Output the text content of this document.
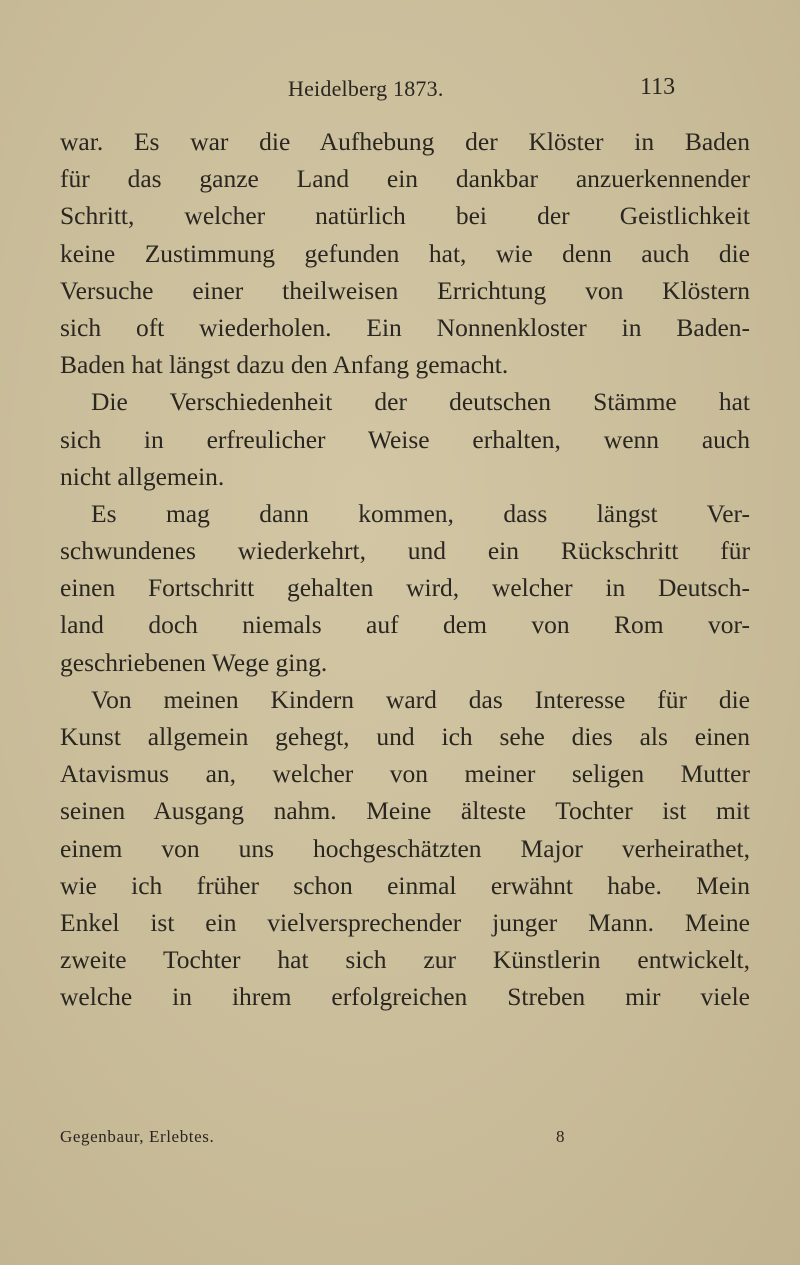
Heidelberg 1873.	113
war. Es war die Aufhebung der Klöster in Baden
für das ganze Land ein dankbar anzuerkennender
Schritt, welcher natürlich bei der Geistlichkeit
keine Zustimmung gefunden hat, wie denn auch die
Versuche einer theilweisen Errichtung von Klöstern
sich oft wiederholen. Ein Nonnenkloster in Baden-
Baden hat längst dazu den Anfang gemacht.
Die Verschiedenheit der deutschen Stämme hat
sich in erfreulicher Weise erhalten, wenn auch
nicht allgemein.
Es mag dann kommen, dass längst Ver-
schwundenes wiederkehrt, und ein Rückschritt für
einen Fortschritt gehalten wird, welcher in Deutsch-
land doch niemals auf dem von Rom vor-
geschriebenen Wege ging.
Von meinen Kindern ward das Interesse für die
Kunst allgemein gehegt, und ich sehe dies als einen
Atavismus an, welcher von meiner seligen Mutter
seinen Ausgang nahm. Meine älteste Tochter ist mit
einem von uns hochgeschätzten Major verheirathet,
wie ich früher schon einmal erwähnt habe. Mein
Enkel ist ein vielversprechender junger Mann. Meine
zweite Tochter hat sich zur Künstlerin entwickelt,
welche in ihrem erfolgreichen Streben mir viele
Gegenbaur, Erlebtes.	8
